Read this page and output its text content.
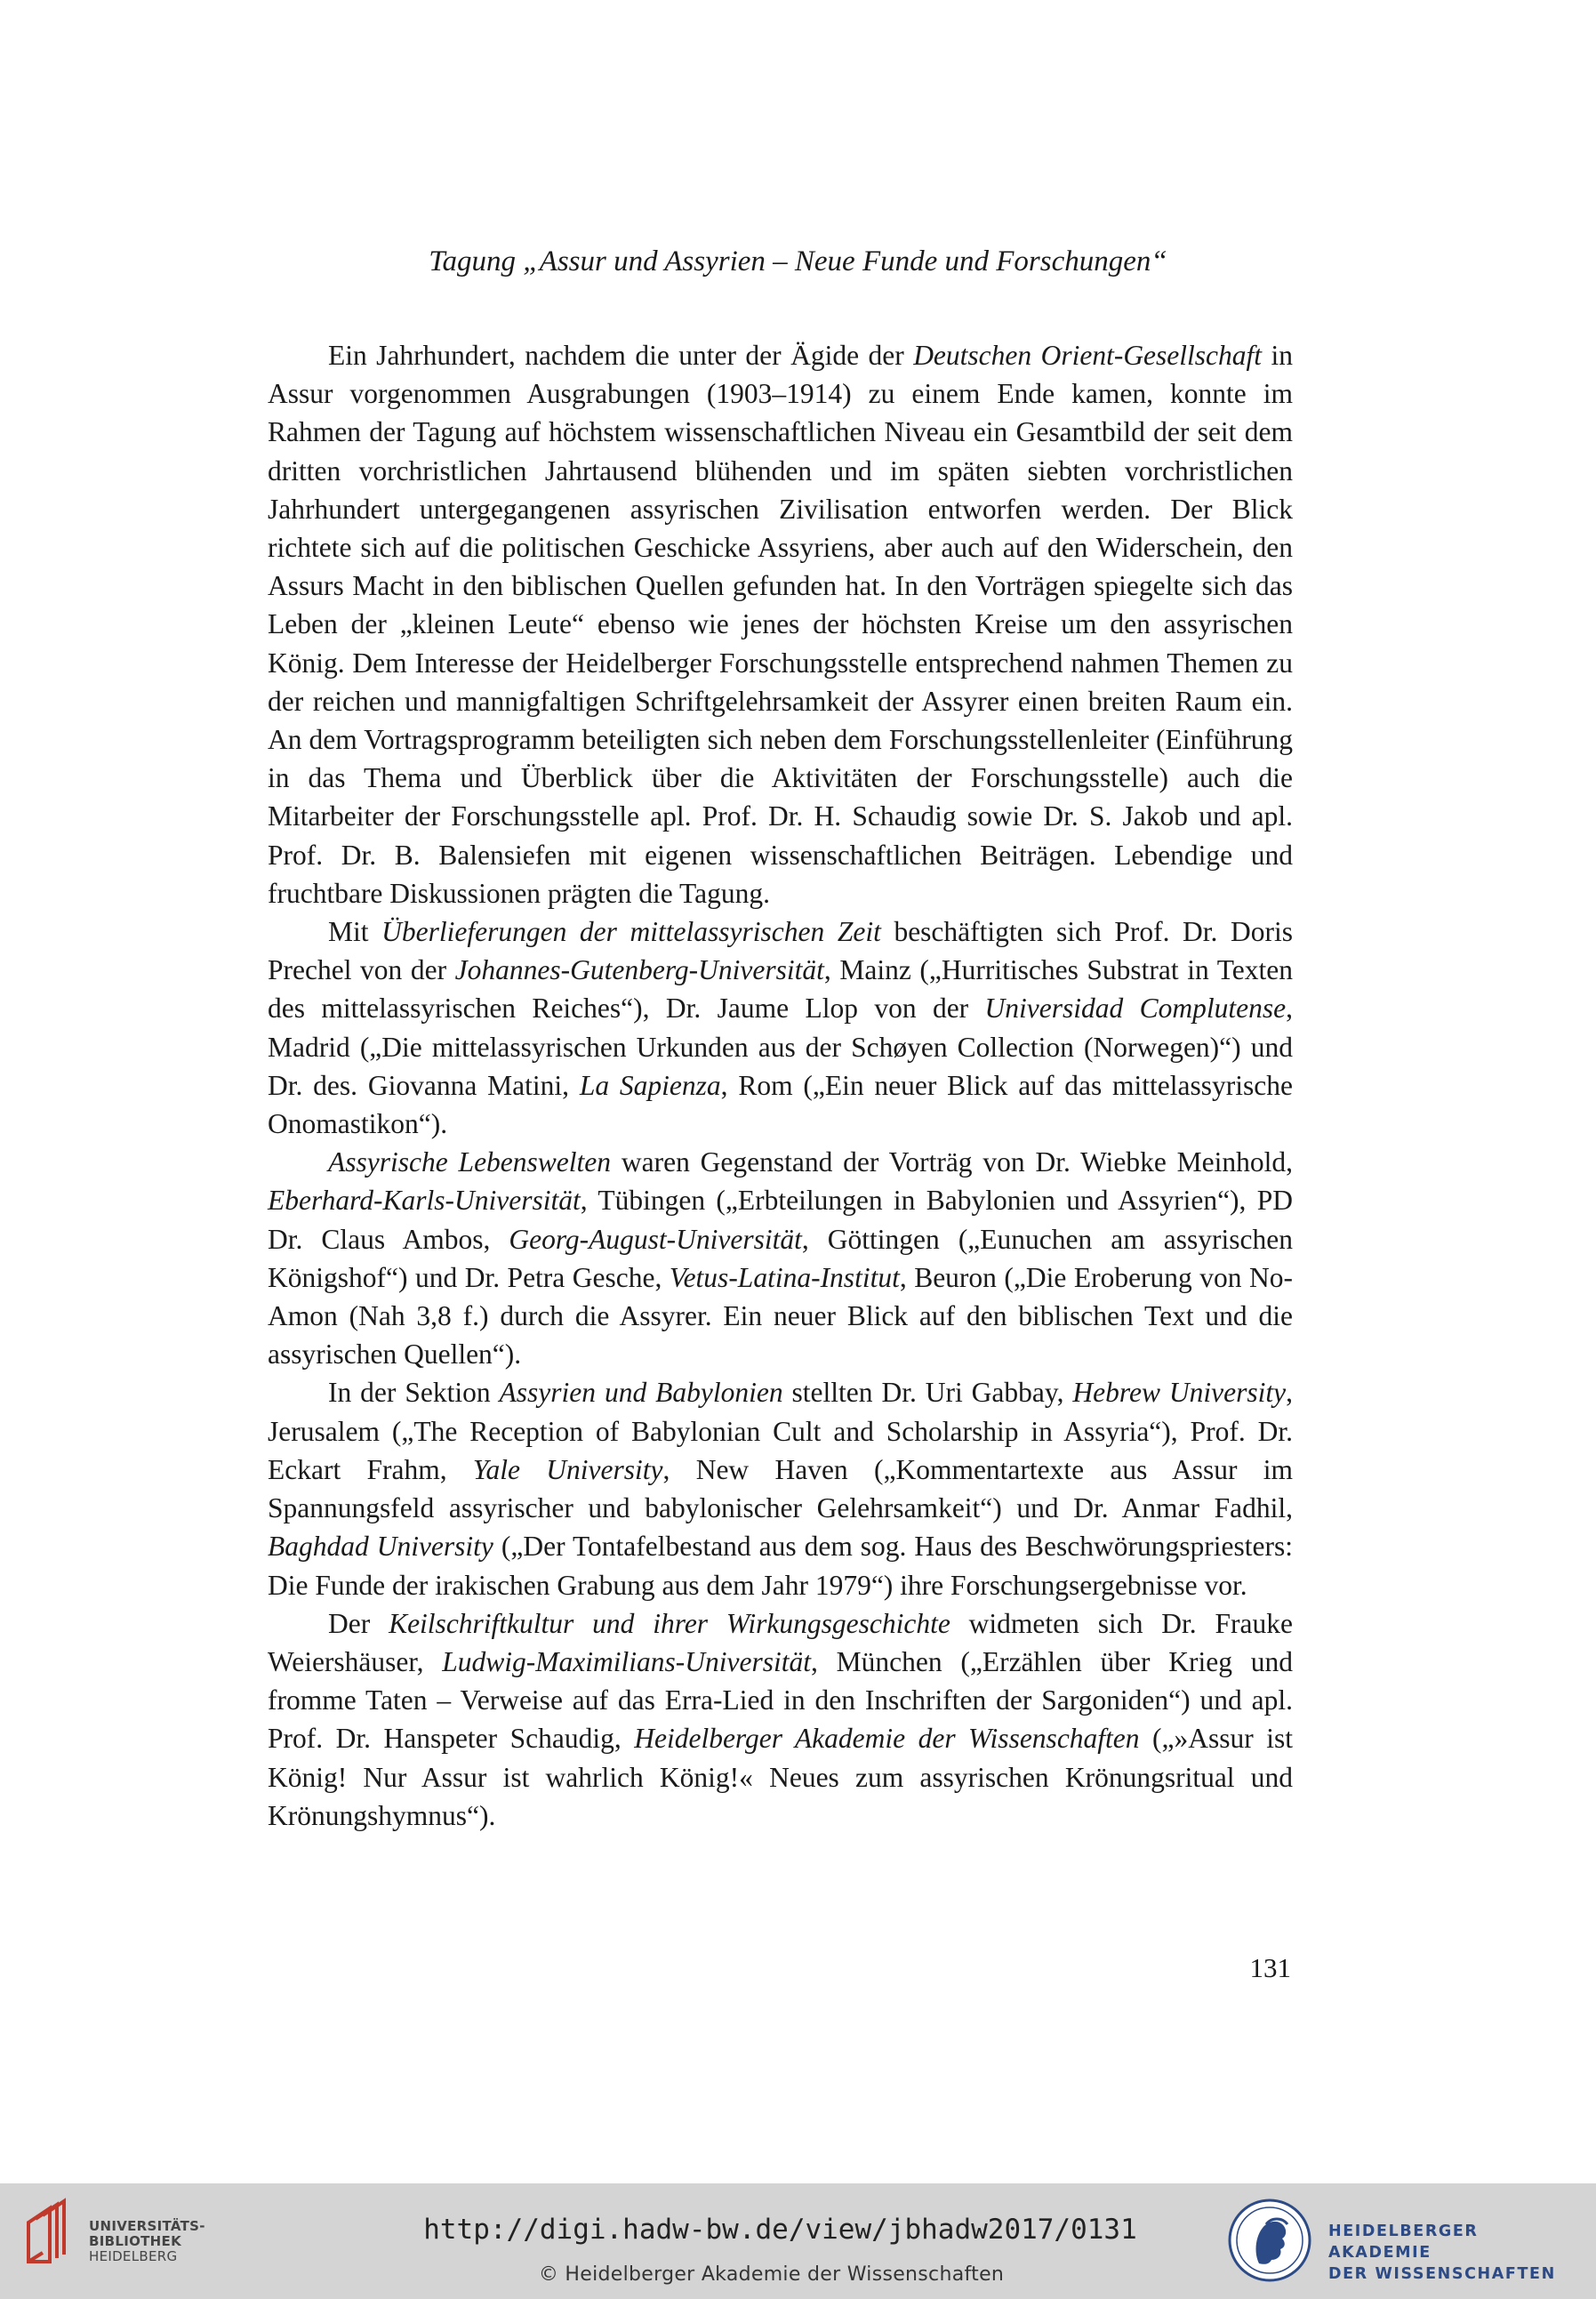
Tagung „Assur und Assyrien – Neue Funde und Forschungen“

Ein Jahrhundert, nachdem die unter der Ägide der Deutschen Orient-Gesellschaft in Assur vorgenommen Ausgrabungen (1903–1914) zu einem Ende kamen, konnte im Rahmen der Tagung auf höchstem wissenschaftlichen Niveau ein Gesamtbild der seit dem dritten vorchristlichen Jahrtausend blühenden und im späten siebten vorchristlichen Jahrhundert untergegangenen assyrischen Zivilisation entworfen werden. Der Blick richtete sich auf die politischen Geschicke Assyriens, aber auch auf den Widerschein, den Assurs Macht in den biblischen Quellen gefunden hat. In den Vorträgen spiegelte sich das Leben der „kleinen Leute“ ebenso wie jenes der höchsten Kreise um den assyrischen König. Dem Interesse der Heidelberger Forschungsstelle entsprechend nahmen Themen zu der reichen und mannigfaltigen Schriftgelehrsamkeit der Assyrer einen breiten Raum ein. An dem Vortragsprogramm beteiligten sich neben dem Forschungsstellenleiter (Einführung in das Thema und Überblick über die Aktivitäten der Forschungsstelle) auch die Mitarbeiter der Forschungsstelle apl. Prof. Dr. H. Schaudig sowie Dr. S. Jakob und apl. Prof. Dr. B. Balensiefen mit eigenen wissenschaftlichen Beiträgen. Lebendige und fruchtbare Diskussionen prägten die Tagung.

Mit Überlieferungen der mittelassyrischen Zeit beschäftigten sich Prof. Dr. Doris Prechel von der Johannes-Gutenberg-Universität, Mainz („Hurritisches Substrat in Texten des mittelassyrischen Reiches“), Dr. Jaume Llop von der Universidad Complutense, Madrid („Die mittelassyrischen Urkunden aus der Schøyen Collection (Norwegen)“) und Dr. des. Giovanna Matini, La Sapienza, Rom („Ein neuer Blick auf das mittelassyrische Onomastikon“).

Assyrische Lebenswelten waren Gegenstand der Vorträg von Dr. Wiebke Meinhold, Eberhard-Karls-Universität, Tübingen („Erbteilungen in Babylonien und Assyrien“), PD Dr. Claus Ambos, Georg-August-Universität, Göttingen („Eunuchen am assyrischen Königshof“) und Dr. Petra Gesche, Vetus-Latina-Institut, Beuron („Die Eroberung von No-Amon (Nah 3,8 f.) durch die Assyrer. Ein neuer Blick auf den biblischen Text und die assyrischen Quellen“).

In der Sektion Assyrien und Babylonien stellten Dr. Uri Gabbay, Hebrew University, Jerusalem („The Reception of Babylonian Cult and Scholarship in Assyria“), Prof. Dr. Eckart Frahm, Yale University, New Haven („Kommentartexte aus Assur im Spannungsfeld assyrischer und babylonischer Gelehrsamkeit“) und Dr. Anmar Fadhil, Baghdad University („Der Tontafelbestand aus dem sog. Haus des Beschwörungspriesters: Die Funde der irakischen Grabung aus dem Jahr 1979“) ihre Forschungsergebnisse vor.

Der Keilschriftkultur und ihrer Wirkungsgeschichte widmeten sich Dr. Frauke Weiershäuser, Ludwig-Maximilians-Universität, München („Erzählen über Krieg und fromme Taten – Verweise auf das Erra-Lied in den Inschriften der Sargoniden“) und apl. Prof. Dr. Hanspeter Schaudig, Heidelberger Akademie der Wissenschaften („»Assur ist König! Nur Assur ist wahrlich König!« Neues zum assyrischen Krönungsritual und Krönungshymnus“).

131
UNIVERSITÄTS-
BIBLIOTHEK
HEIDELBERG
http://digi.hadw-bw.de/view/jbhadw2017/0131
© Heidelberger Akademie der Wissenschaften
HEIDELBERGER AKADEMIE
DER WISSENSCHAFTEN
